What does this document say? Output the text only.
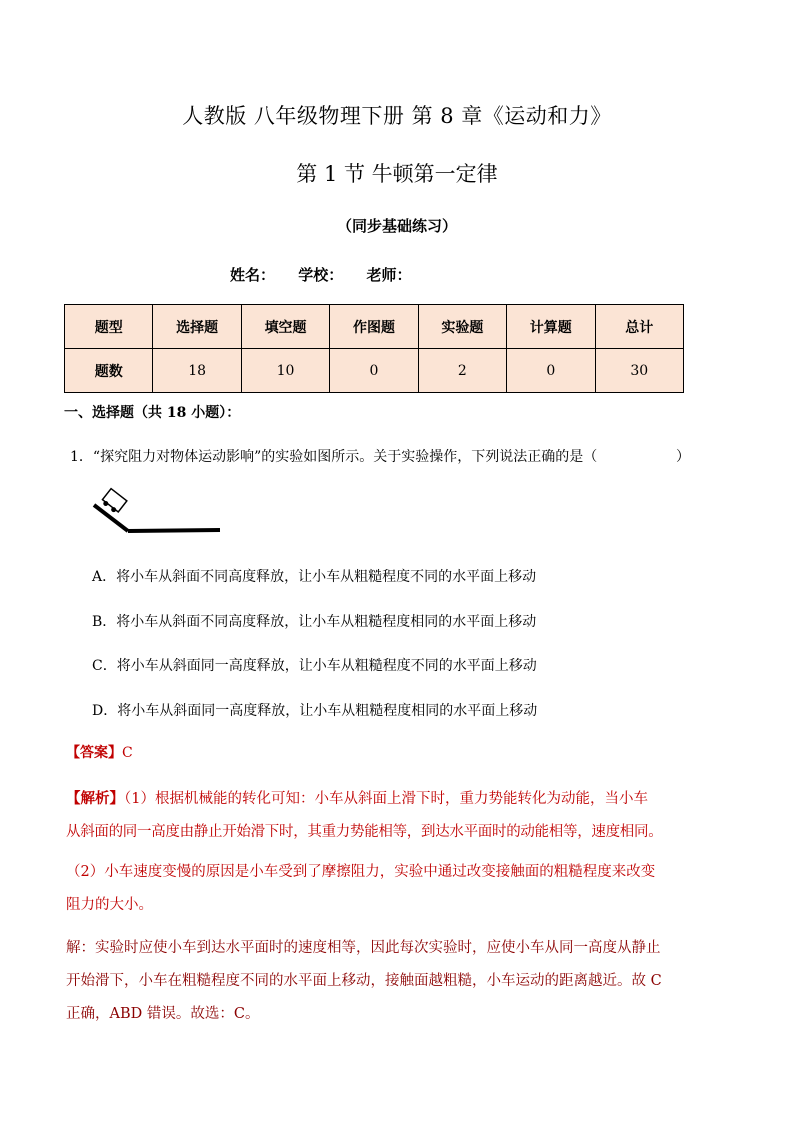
人教版 八年级物理下册 第 8 章《运动和力》
第 1 节 牛顿第一定律
（同步基础练习）
姓名： 学校： 老师：
题型	选择题	填空题	作图题	实验题	计算题	总计
题数	18	10	0	2	0	30
一、选择题（共 18 小题）：
1．“探究阻力对物体运动影响”的实验如图所示。关于实验操作，下列说法正确的是（	）
A．将小车从斜面不同高度释放，让小车从粗糙程度不同的水平面上移动
B．将小车从斜面不同高度释放，让小车从粗糙程度相同的水平面上移动
C．将小车从斜面同一高度释放，让小车从粗糙程度不同的水平面上移动
D．将小车从斜面同一高度释放，让小车从粗糙程度相同的水平面上移动
【答案】C
【解析】（1）根据机械能的转化可知：小车从斜面上滑下时，重力势能转化为动能，当小车
从斜面的同一高度由静止开始滑下时，其重力势能相等，到达水平面时的动能相等，速度相同。
（2）小车速度变慢的原因是小车受到了摩擦阻力，实验中通过改变接触面的粗糙程度来改变
阻力的大小。
解：实验时应使小车到达水平面时的速度相等，因此每次实验时，应使小车从同一高度从静止
开始滑下，小车在粗糙程度不同的水平面上移动，接触面越粗糙，小车运动的距离越近。故 C
正确，ABD 错误。故选：C。
